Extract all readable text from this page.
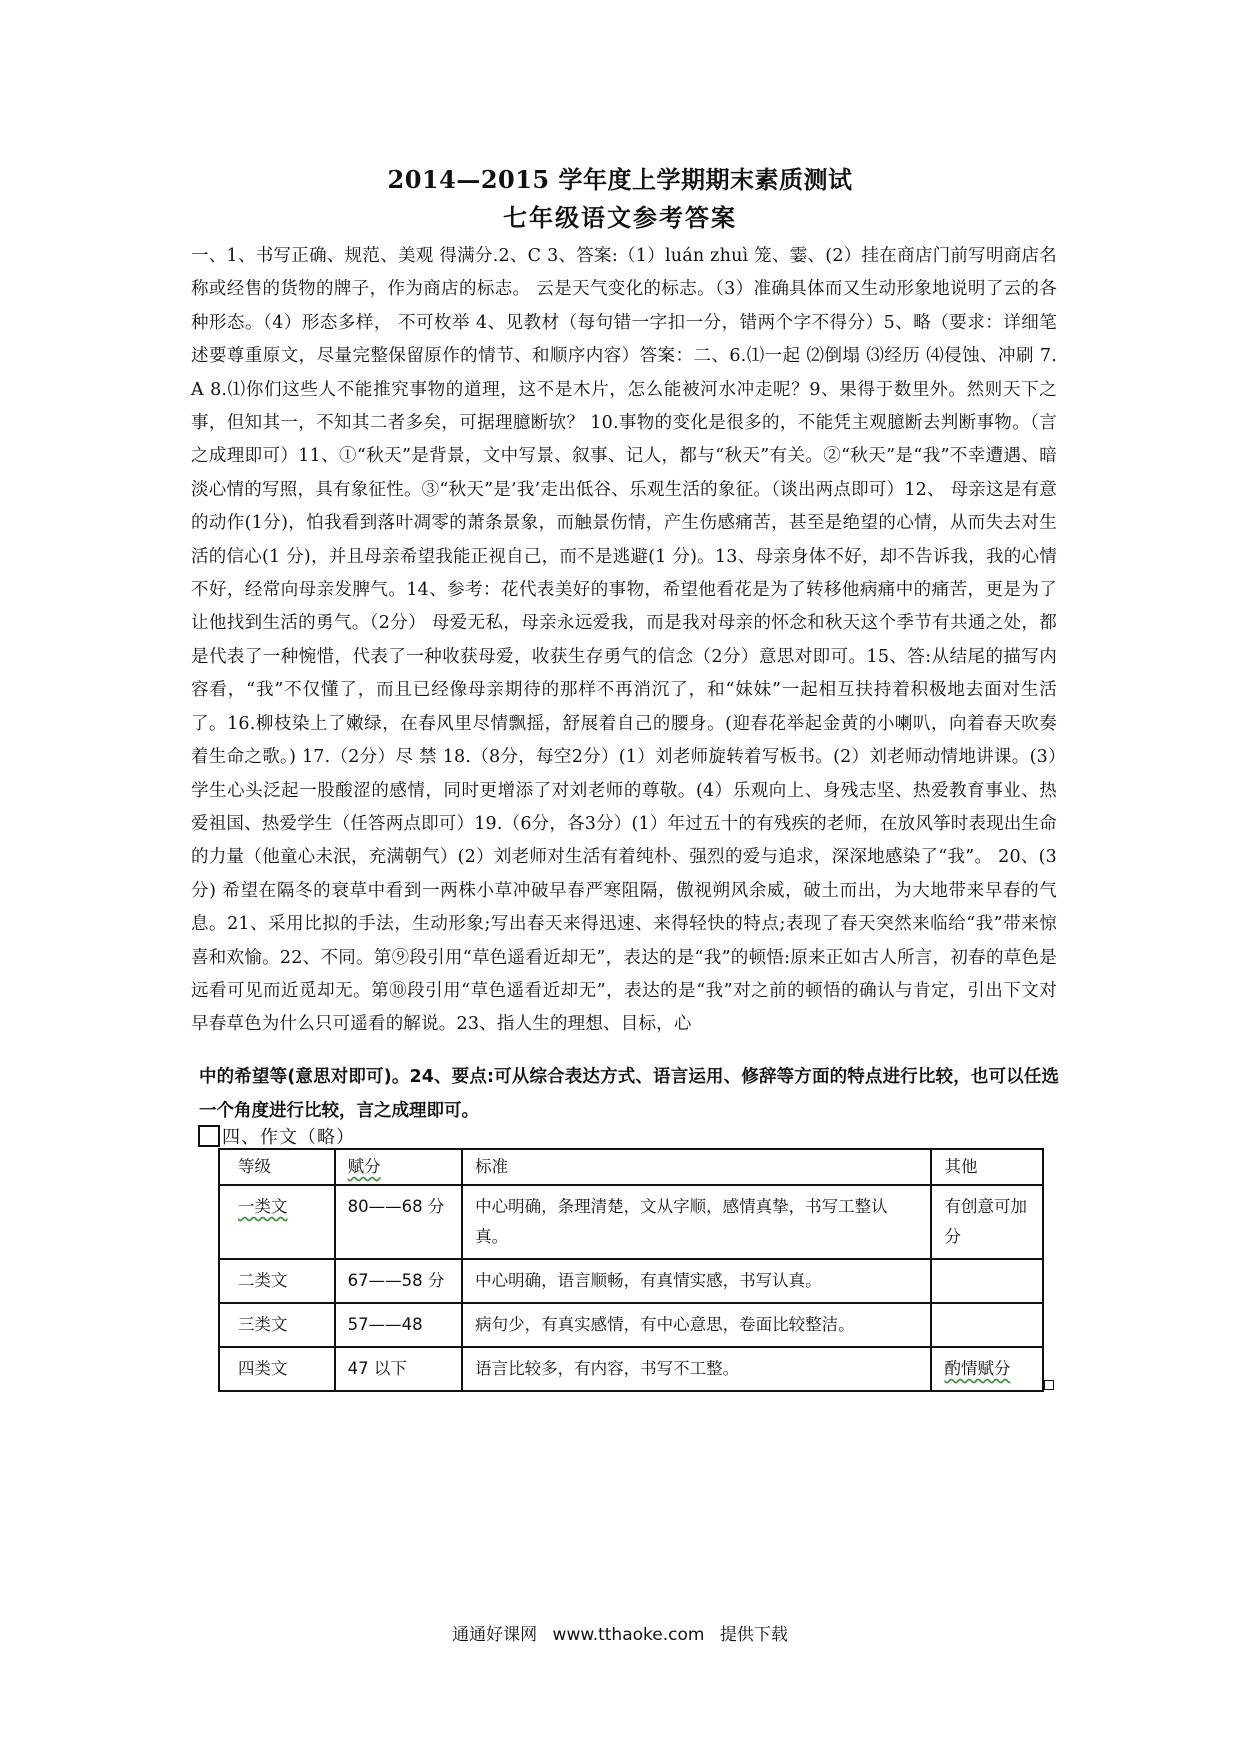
2014—2015 学年度上学期期末素质测试
七年级语文参考答案

一、1、书写正确、规范、美观 得满分.2、C 3、答案:（1）luán zhuì 笼、霎、(2）挂在商店门前写明商店名称或经售的货物的牌子，作为商店的标志。 云是天气变化的标志。（3）准确具体而又生动形象地说明了云的各种形态。（4）形态多样， 不可枚举 4、见教材（每句错一字扣一分，错两个字不得分）5、略（要求：详细笔述要尊重原文，尽量完整保留原作的情节、和顺序内容）答案：二、6.⑴一起 ⑵倒塌 ⑶经历 ⑷侵蚀、冲刷 7. A 8.⑴你们这些人不能推究事物的道理，这不是木片，怎么能被河水冲走呢？9、果得于数里外。然则天下之事，但知其一，不知其二者多矣，可据理臆断欤？ 10.事物的变化是很多的，不能凭主观臆断去判断事物。（言之成理即可）11、①“秋天”是背景，文中写景、叙事、记人，都与“秋天”有关。②“秋天”是“我”不幸遭遇、暗淡心情的写照，具有象征性。③“秋天”是’我’走出低谷、乐观生活的象征。（谈出两点即可）12、 母亲这是有意的动作(1分)，怕我看到落叶凋零的萧条景象，而触景伤情，产生伤感痛苦，甚至是绝望的心情，从而失去对生活的信心(1 分)，并且母亲希望我能正视自己，而不是逃避(1 分)。13、母亲身体不好，却不告诉我，我的心情不好，经常向母亲发脾气。14、参考：花代表美好的事物，希望他看花是为了转移他病痛中的痛苦，更是为了让他找到生活的勇气。（2分） 母爱无私，母亲永远爱我，而是我对母亲的怀念和秋天这个季节有共通之处，都是代表了一种惋惜，代表了一种收获母爱，收获生存勇气的信念（2分）意思对即可。15、答:从结尾的描写内容看，“我”不仅懂了，而且已经像母亲期待的那样不再消沉了，和“妹妹”一起相互扶持着积极地去面对生活了。16.柳枝染上了嫩绿，在春风里尽情飘摇，舒展着自己的腰身。(迎春花举起金黄的小喇叭，向着春天吹奏着生命之歌。) 17.（2分）尽 禁 18.（8分，每空2分）(1）刘老师旋转着写板书。(2）刘老师动情地讲课。(3）学生心头泛起一股酸涩的感情，同时更增添了对刘老师的尊敬。(4）乐观向上、身残志坚、热爱教育事业、热爱祖国、热爱学生（任答两点即可）19.（6分，各3分）(1）年过五十的有残疾的老师，在放风筝时表现出生命的力量（他童心未泯，充满朝气）(2）刘老师对生活有着纯朴、强烈的爱与追求，深深地感染了“我”。 20、(3分) 希望在隔冬的衰草中看到一两株小草冲破早春严寒阻隔，傲视朔风余威，破土而出，为大地带来早春的气息。21、采用比拟的手法，生动形象;写出春天来得迅速、来得轻快的特点;表现了春天突然来临给“我”带来惊喜和欢愉。22、不同。第⑨段引用“草色遥看近却无”，表达的是“我”的顿悟:原来正如古人所言，初春的草色是远看可见而近觅却无。第⑩段引用“草色遥看近却无”，表达的是“我”对之前的顿悟的确认与肯定，引出下文对早春草色为什么只可遥看的解说。23、指人生的理想、目标，心

中的希望等(意思对即可)。24、要点:可从综合表达方式、语言运用、修辞等方面的特点进行比较，也可以任选一个角度进行比较，言之成理即可。

四、作文（略）
等级	赋分	标准	其他
一类文	80——68 分	中心明确，条理清楚，文从字顺，感情真挚，书写工整认真。	有创意可加分
二类文	67——58 分	中心明确，语言顺畅，有真情实感，书写认真。	
三类文	57——48	病句少，有真实感情，有中心意思，卷面比较整洁。	
四类文	47 以下	语言比较多，有内容，书写不工整。	酌情赋分
通通好课网 www.tthaoke.com 提供下载
